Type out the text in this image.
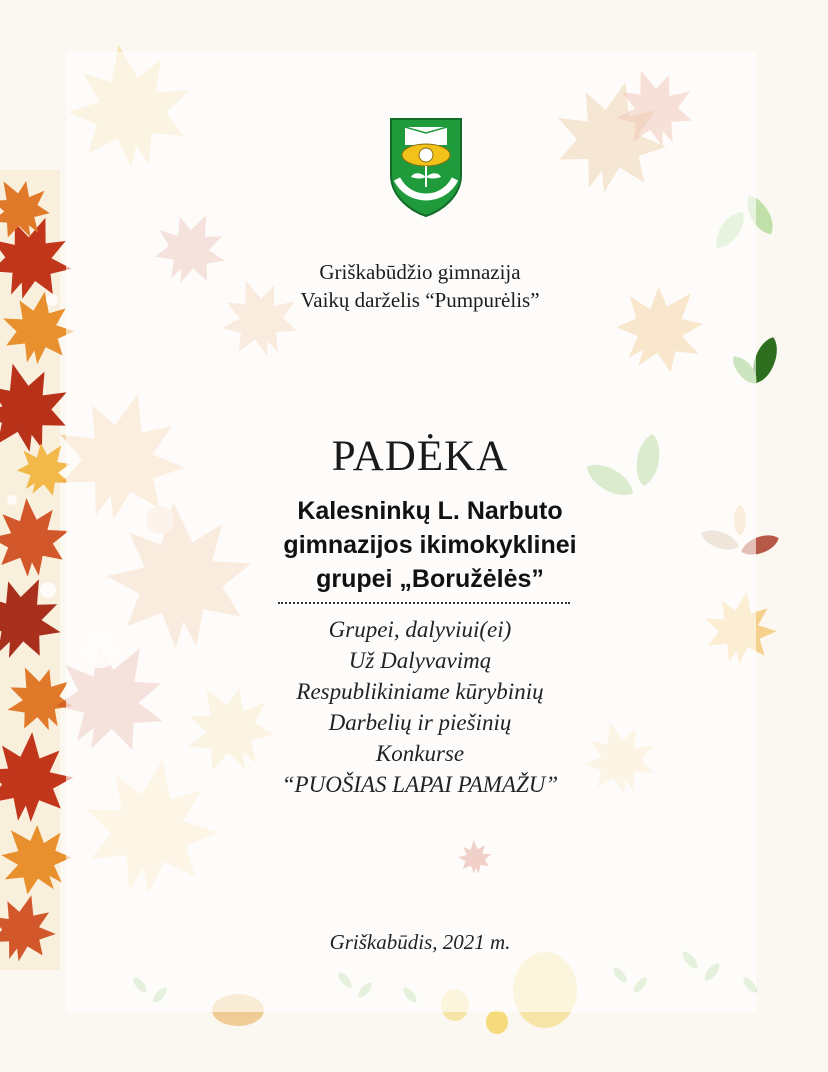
Griškabūdžio gimnazija
Vaikų darželis “Pumpurėlis”
PADĖKA
Kalesninkų L. Narbuto
gimnazijos ikimokyklinei
grupei „Boružėlės”
Grupei, dalyviui(ei)
Už Dalyvavimą
Respublikiniame kūrybinių
Darbelių ir piešinių
Konkurse
“PUOŠIAS LAPAI PAMAŽU”
Griškabūdis, 2021 m.
